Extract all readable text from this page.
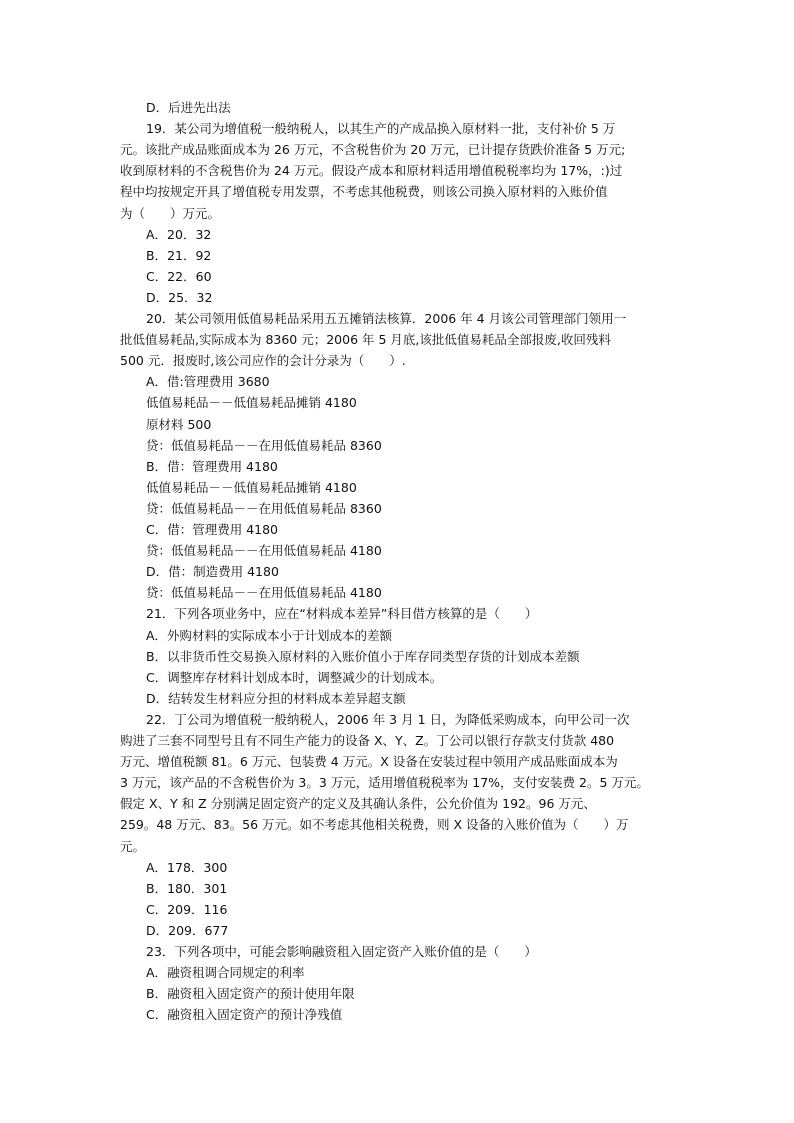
D．后进先出法
19．某公司为增值税一般纳税人，以其生产的产成品换入原材料一批，支付补价 5 万
元。该批产成品账面成本为 26 万元，不含税售价为 20 万元，已计提存货跌价准备 5 万元;
收到原材料的不含税售价为 24 万元。假设产成本和原材料适用增值税税率均为 17%，:)过
程中均按规定开具了增值税专用发票，不考虑其他税费，则该公司换入原材料的入账价值
为（　　）万元。
A．20．32
B．21．92
C．22．60
D．25．32
20．某公司领用低值易耗品采用五五摊销法核算．2006 年 4 月该公司管理部门领用一
批低值易耗品,实际成本为 8360 元；2006 年 5 月底,该批低值易耗品全部报废,收回残料
500 元．报废时,该公司应作的会计分录为（　　）.
A．借:管理费用 3680
低值易耗品－－低值易耗品摊销 4180
原材料 500
贷：低值易耗品－－在用低值易耗品 8360
B．借：管理费用 4180
低值易耗品－－低值易耗品摊销 4180
贷：低值易耗品－－在用低值易耗品 8360
C．借：管理费用 4180
贷：低值易耗品－－在用低值易耗品 4180
D．借：制造费用 4180
贷：低值易耗品－－在用低值易耗品 4180
21．下列各项业务中，应在“材料成本差异”科目借方核算的是（　　）
A．外购材料的实际成本小于计划成本的差额
B．以非货币性交易换入原材料的入账价值小于库存同类型存货的计划成本差额
C．调整库存材料计划成本时，调整减少的计划成本。
D．结转发生材料应分担的材料成本差异超支额
22．丁公司为增值税一般纳税人，2006 年 3 月 1 日，为降低采购成本，向甲公司一次
购进了三套不同型号且有不同生产能力的设备 X、Y、Z。丁公司以银行存款支付货款 480
万元、增值税额 81。6 万元、包装费 4 万元。X 设备在安装过程中领用产成品账面成本为
3 万元，该产品的不含税售价为 3。3 万元，适用增值税税率为 17%，支付安装费 2。5 万元。
假定 X、Y 和 Z 分别满足固定资产的定义及其确认条件，公允价值为 192。96 万元、
259。48 万元、83。56 万元。如不考虑其他相关税费，则 X 设备的入账价值为（　　）万
元。
A．178．300
B．180．301
C．209．116
D．209．677
23．下列各项中，可能会影响融资租入固定资产入账价值的是（　　）
A．融资租调合同规定的利率
B．融资租入固定资产的预计使用年限
C．融资租入固定资产的预计净残值
